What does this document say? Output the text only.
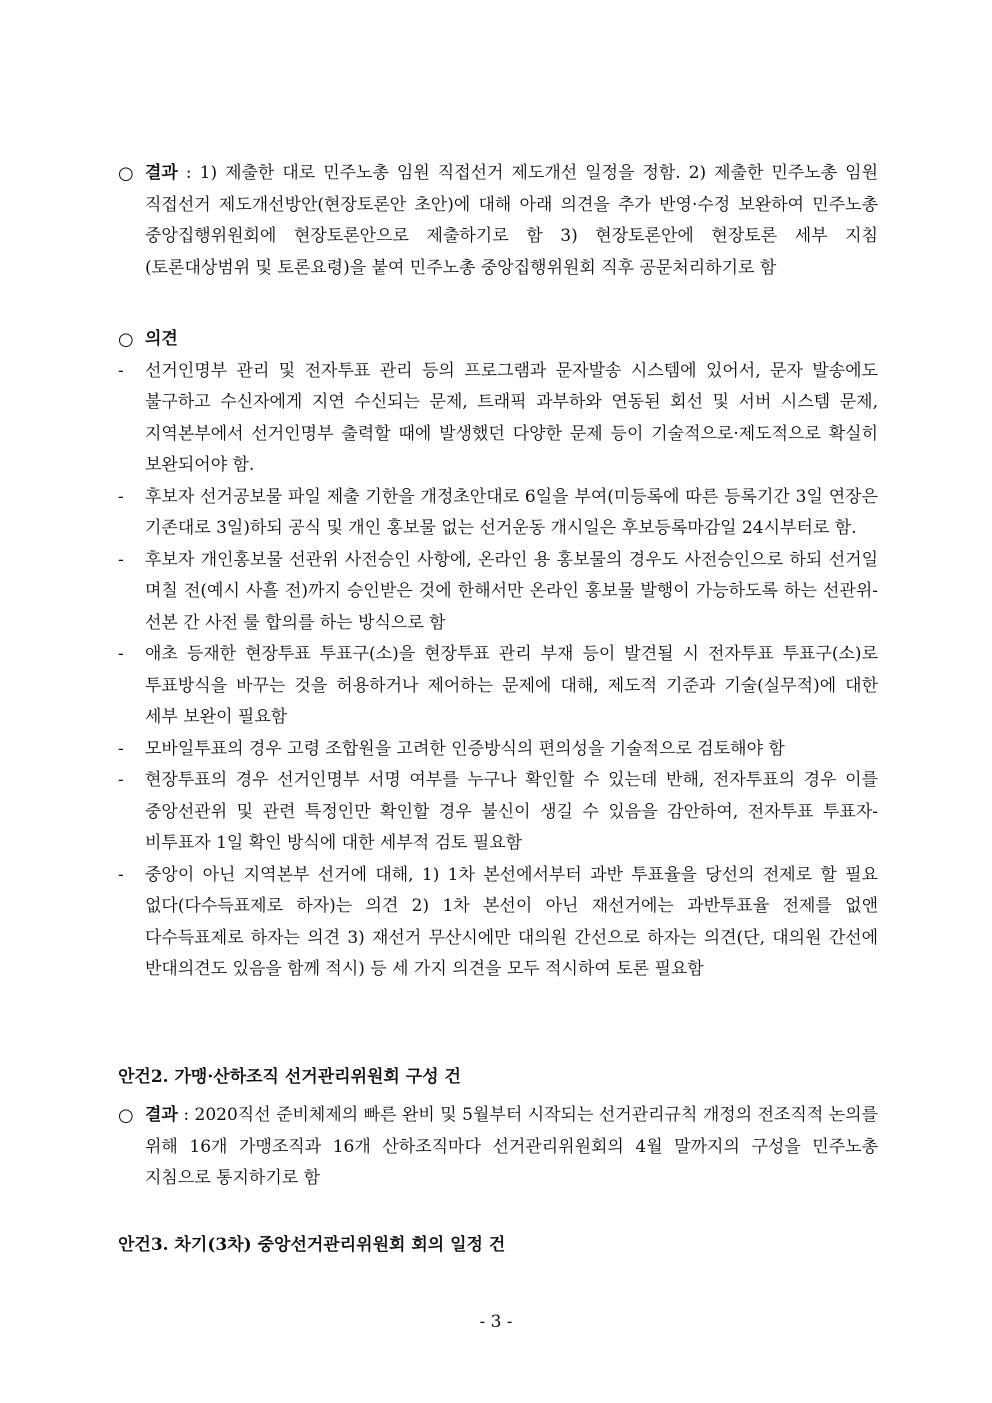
○ 결과 : 1) 제출한 대로 민주노총 임원 직접선거 제도개선 일정을 정함. 2) 제출한 민주노총 임원 직접선거 제도개선방안(현장토론안 초안)에 대해 아래 의견을 추가 반영·수정 보완하여 민주노총 중앙집행위원회에 현장토론안으로 제출하기로 함 3) 현장토론안에 현장토론 세부 지침(토론대상범위 및 토론요령)을 붙여 민주노총 중앙집행위원회 직후 공문처리하기로 함
○ 의견
-	선거인명부 관리 및 전자투표 관리 등의 프로그램과 문자발송 시스템에 있어서, 문자 발송에도 불구하고 수신자에게 지연 수신되는 문제, 트래픽 과부하와 연동된 회선 및 서버 시스템 문제, 지역본부에서 선거인명부 출력할 때에 발생했던 다양한 문제 등이 기술적으로·제도적으로 확실히 보완되어야 함.
-	후보자 선거공보물 파일 제출 기한을 개정초안대로 6일을 부여(미등록에 따른 등록기간 3일 연장은 기존대로 3일)하되 공식 및 개인 홍보물 없는 선거운동 개시일은 후보등록마감일 24시부터로 함.
-	후보자 개인홍보물 선관위 사전승인 사항에, 온라인 용 홍보물의 경우도 사전승인으로 하되 선거일 며칠 전(예시 사흘 전)까지 승인받은 것에 한해서만 온라인 홍보물 발행이 가능하도록 하는 선관위-선본 간 사전 룰 합의를 하는 방식으로 함
-	애초 등재한 현장투표 투표구(소)을 현장투표 관리 부재 등이 발견될 시 전자투표 투표구(소)로 투표방식을 바꾸는 것을 허용하거나 제어하는 문제에 대해, 제도적 기준과 기술(실무적)에 대한 세부 보완이 필요함
-	모바일투표의 경우 고령 조합원을 고려한 인증방식의 편의성을 기술적으로 검토해야 함
-	현장투표의 경우 선거인명부 서명 여부를 누구나 확인할 수 있는데 반해, 전자투표의 경우 이를 중앙선관위 및 관련 특정인만 확인할 경우 불신이 생길 수 있음을 감안하여, 전자투표 투표자-비투표자 1일 확인 방식에 대한 세부적 검토 필요함
-	중앙이 아닌 지역본부 선거에 대해, 1) 1차 본선에서부터 과반 투표율을 당선의 전제로 할 필요 없다(다수득표제로 하자)는 의견 2) 1차 본선이 아닌 재선거에는 과반투표율 전제를 없앤 다수득표제로 하자는 의견 3) 재선거 무산시에만 대의원 간선으로 하자는 의견(단, 대의원 간선에 반대의견도 있음을 함께 적시) 등 세 가지 의견을 모두 적시하여 토론 필요함
안건2. 가맹·산하조직 선거관리위원회 구성 건
○ 결과 : 2020직선 준비체제의 빠른 완비 및 5월부터 시작되는 선거관리규칙 개정의 전조직적 논의를 위해 16개 가맹조직과 16개 산하조직마다 선거관리위원회의 4월 말까지의 구성을 민주노총 지침으로 통지하기로 함
안건3. 차기(3차) 중앙선거관리위원회 회의 일정 건
- 3 -
